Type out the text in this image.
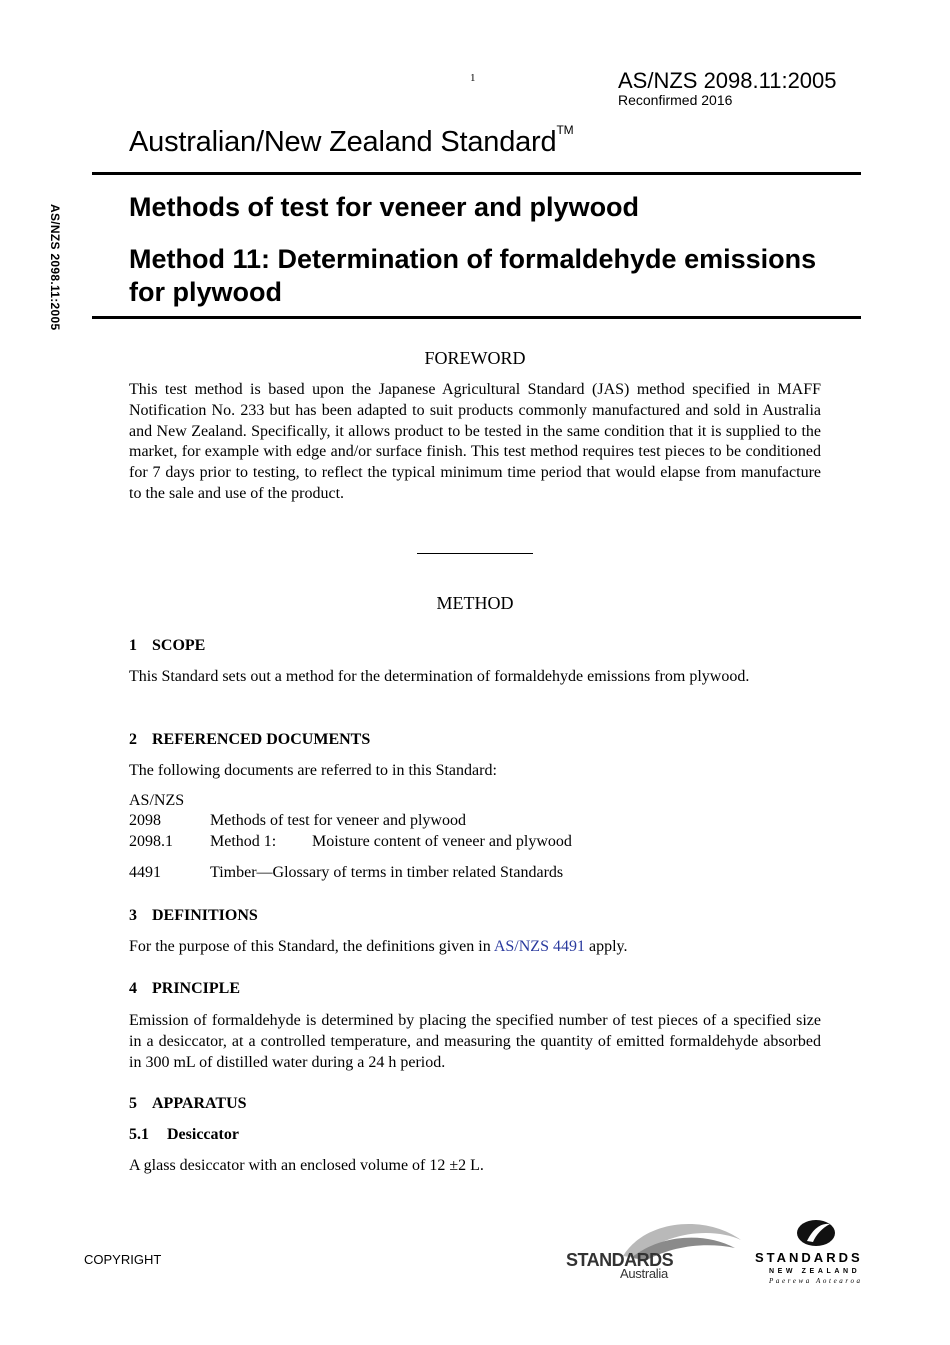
1	AS/NZS 2098.11:2005
Reconfirmed 2016
Australian/New Zealand Standard™
AS/NZS 2098.11:2005 Methods of test for veneer and plywood
Method 11: Determination of formaldehyde emissions for plywood
FOREWORD

This test method is based upon the Japanese Agricultural Standard (JAS) method specified in MAFF Notification No. 233 but has been adapted to suit products commonly manufactured and sold in Australia and New Zealand. Specifically, it allows product to be tested in the same condition that it is supplied to the market, for example with edge and/or surface finish. This test method requires test pieces to be conditioned for 7 days prior to testing, to reflect the typical minimum time period that would elapse from manufacture to the sale and use of the product.

METHOD
1 SCOPE

This Standard sets out a method for the determination of formaldehyde emissions from plywood.

2 REFERENCED DOCUMENTS

The following documents are referred to in this Standard:

AS/NZS
2098	Methods of test for veneer and plywood
2098.1 Method 1: Moisture content of veneer and plywood
4491	Timber—Glossary of terms in timber related Standards
3 DEFINITIONS

For the purpose of this Standard, the definitions given in AS/NZS 4491 apply.

4 PRINCIPLE

Emission of formaldehyde is determined by placing the specified number of test pieces of a specified size in a desiccator, at a controlled temperature, and measuring the quantity of emitted formaldehyde absorbed in 300 mL of distilled water during a 24 h period.

5 APPARATUS
5.1 Desiccator

A glass desiccator with an enclosed volume of 12 ±2 L.

COPYRIGHT	STANDARDS
Australia
STANDARDS
NEW ZEALAND
Paerewa Aotearoa
